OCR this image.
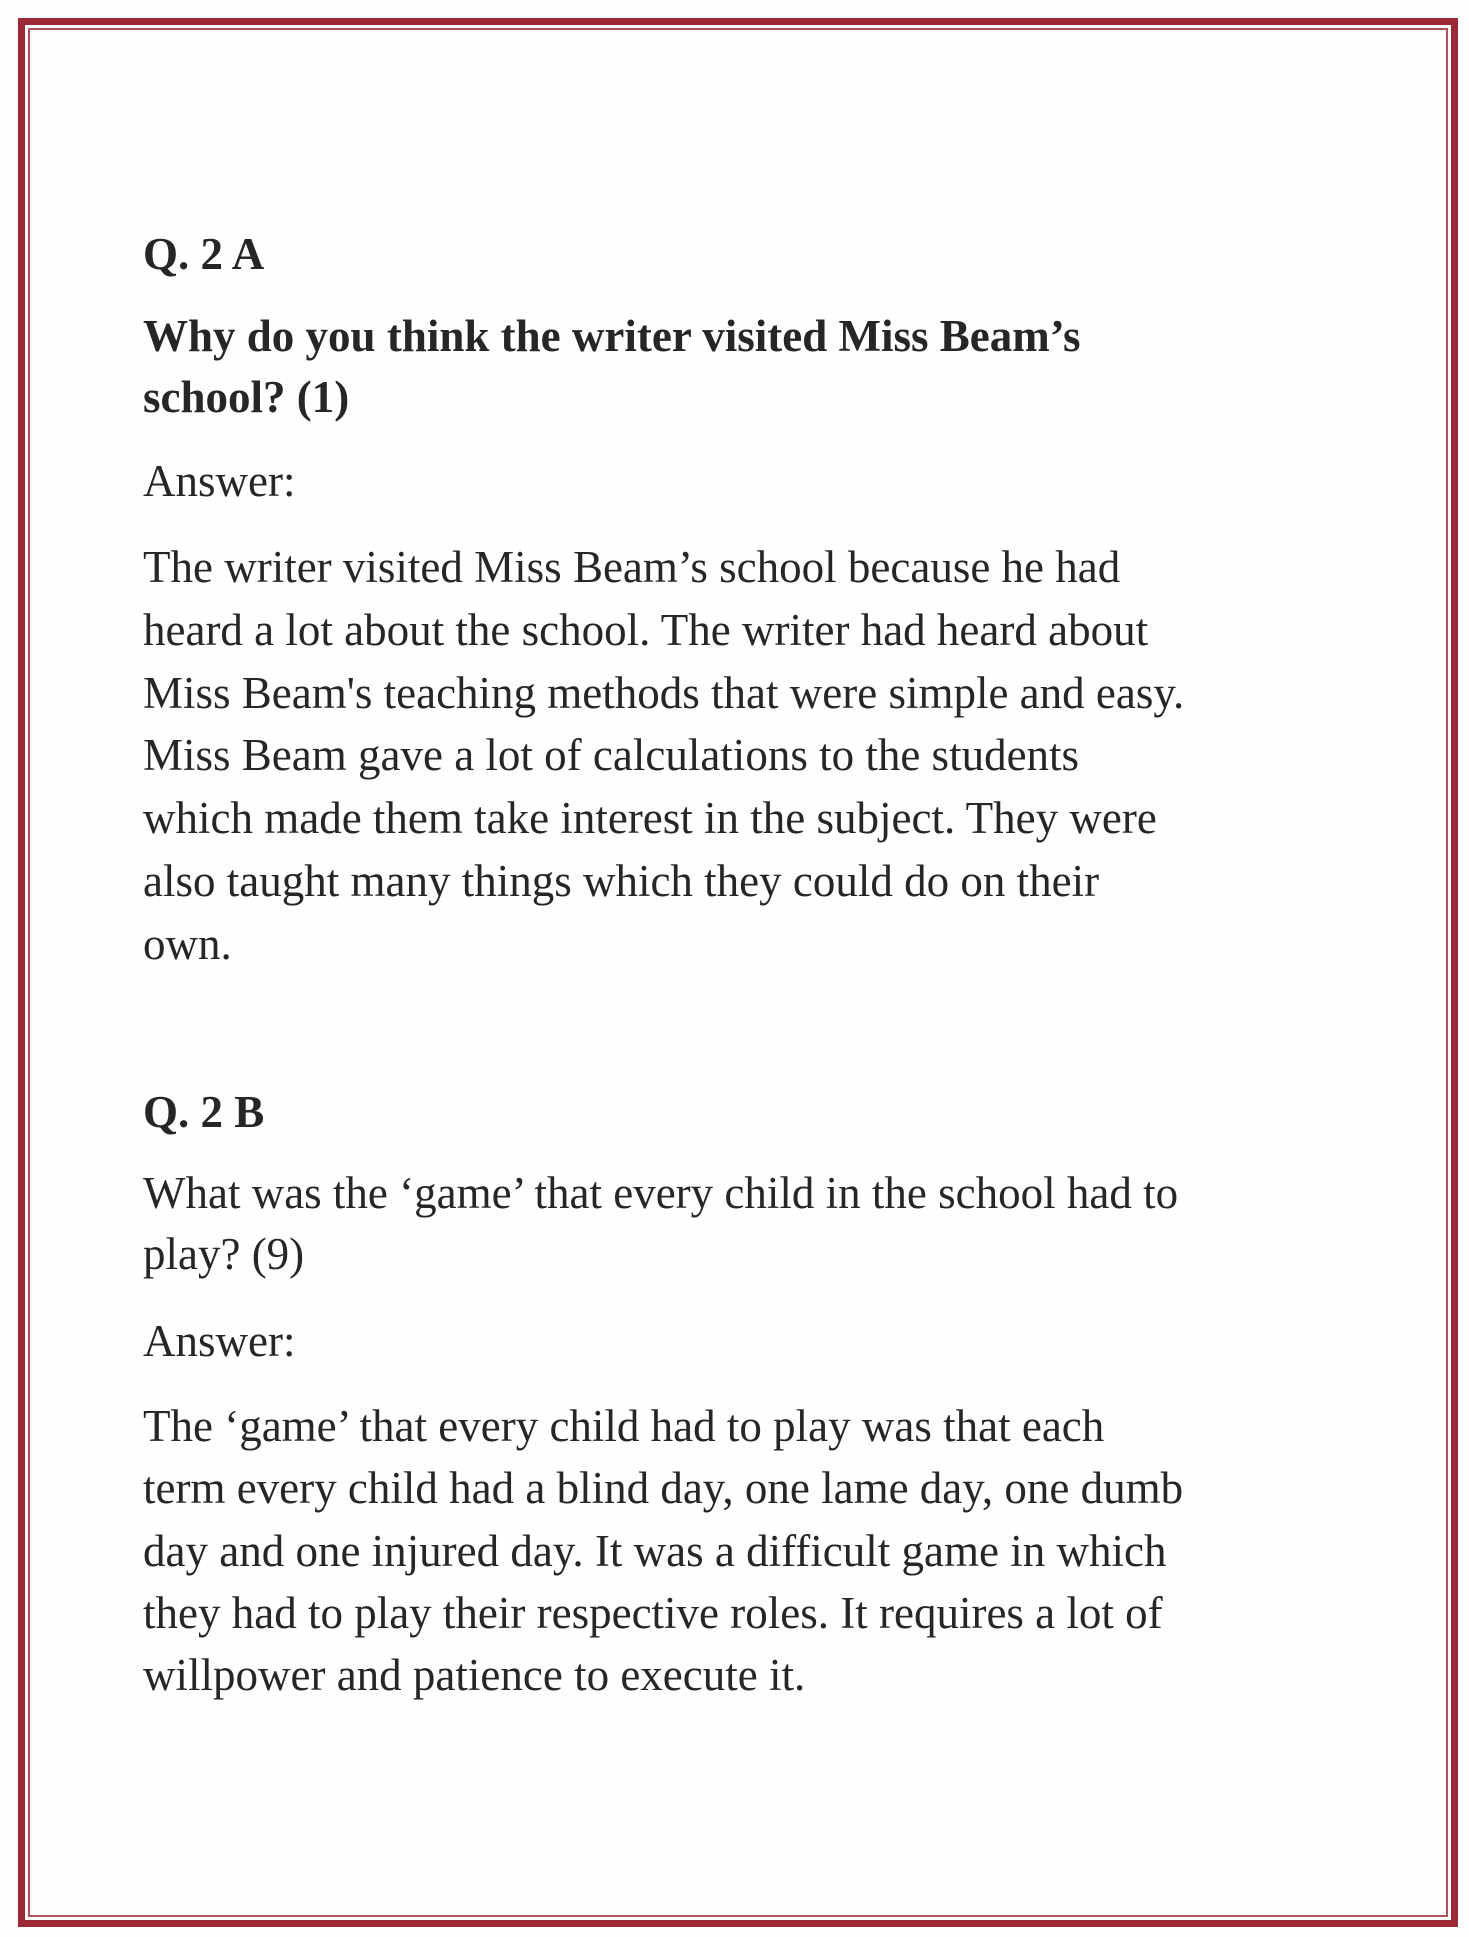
Q. 2 A
Why do you think the writer visited Miss Beam’s
school? (1)
Answer:
The writer visited Miss Beam’s school because he had
heard a lot about the school. The writer had heard about
Miss Beam's teaching methods that were simple and easy.
Miss Beam gave a lot of calculations to the students
which made them take interest in the subject. They were
also taught many things which they could do on their
own.
Q. 2 B
What was the ‘game’ that every child in the school had to
play? (9)
Answer:
The ‘game’ that every child had to play was that each
term every child had a blind day, one lame day, one dumb
day and one injured day. It was a difficult game in which
they had to play their respective roles. It requires a lot of
willpower and patience to execute it.
